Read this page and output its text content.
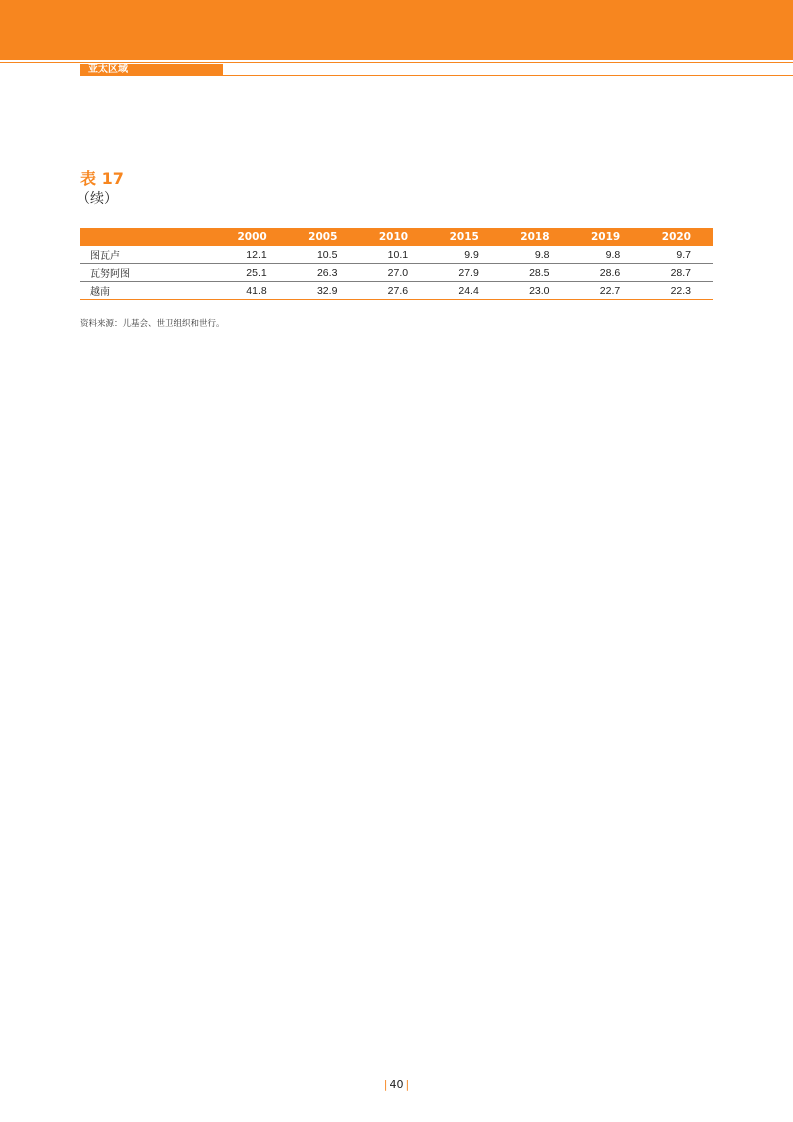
亚太区域
表 17
（续）
	2000	2005	2010	2015	2018	2019	2020
图瓦卢	12.1	10.5	10.1	9.9	9.8	9.8	9.7
瓦努阿图	25.1	26.3	27.0	27.9	28.5	28.6	28.7
越南	41.8	32.9	27.6	24.4	23.0	22.7	22.3
资料来源：儿基会、世卫组织和世行。
| 40 |
